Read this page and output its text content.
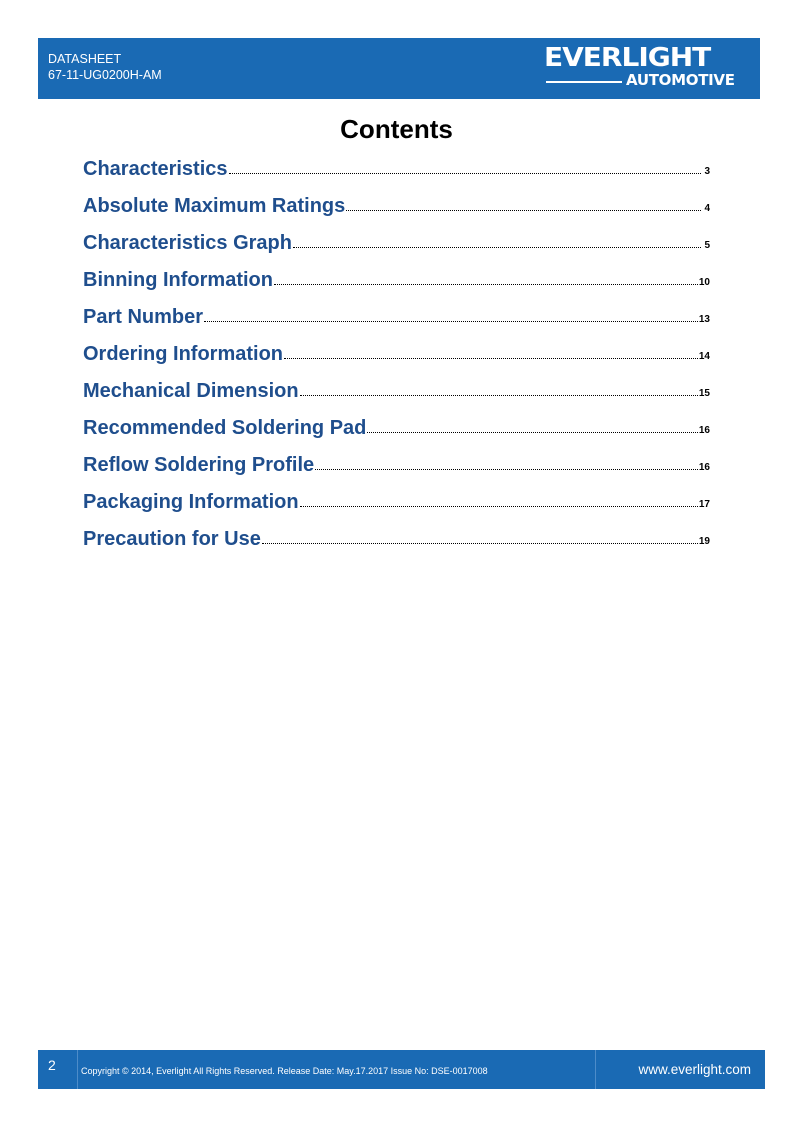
DATASHEET
67-11-UG0200H-AM
EVERLIGHT
AUTOMOTIVE
Contents
Characteristics	3
Absolute Maximum Ratings	4
Characteristics Graph	5
Binning Information	10
Part Number	13
Ordering Information	14
Mechanical Dimension	15
Recommended Soldering Pad	16
Reflow Soldering Profile	16
Packaging Information	17
Precaution for Use	19
2	Copyright © 2014, Everlight All Rights Reserved. Release Date: May.17.2017 Issue No: DSE-0017008	www.everlight.com
